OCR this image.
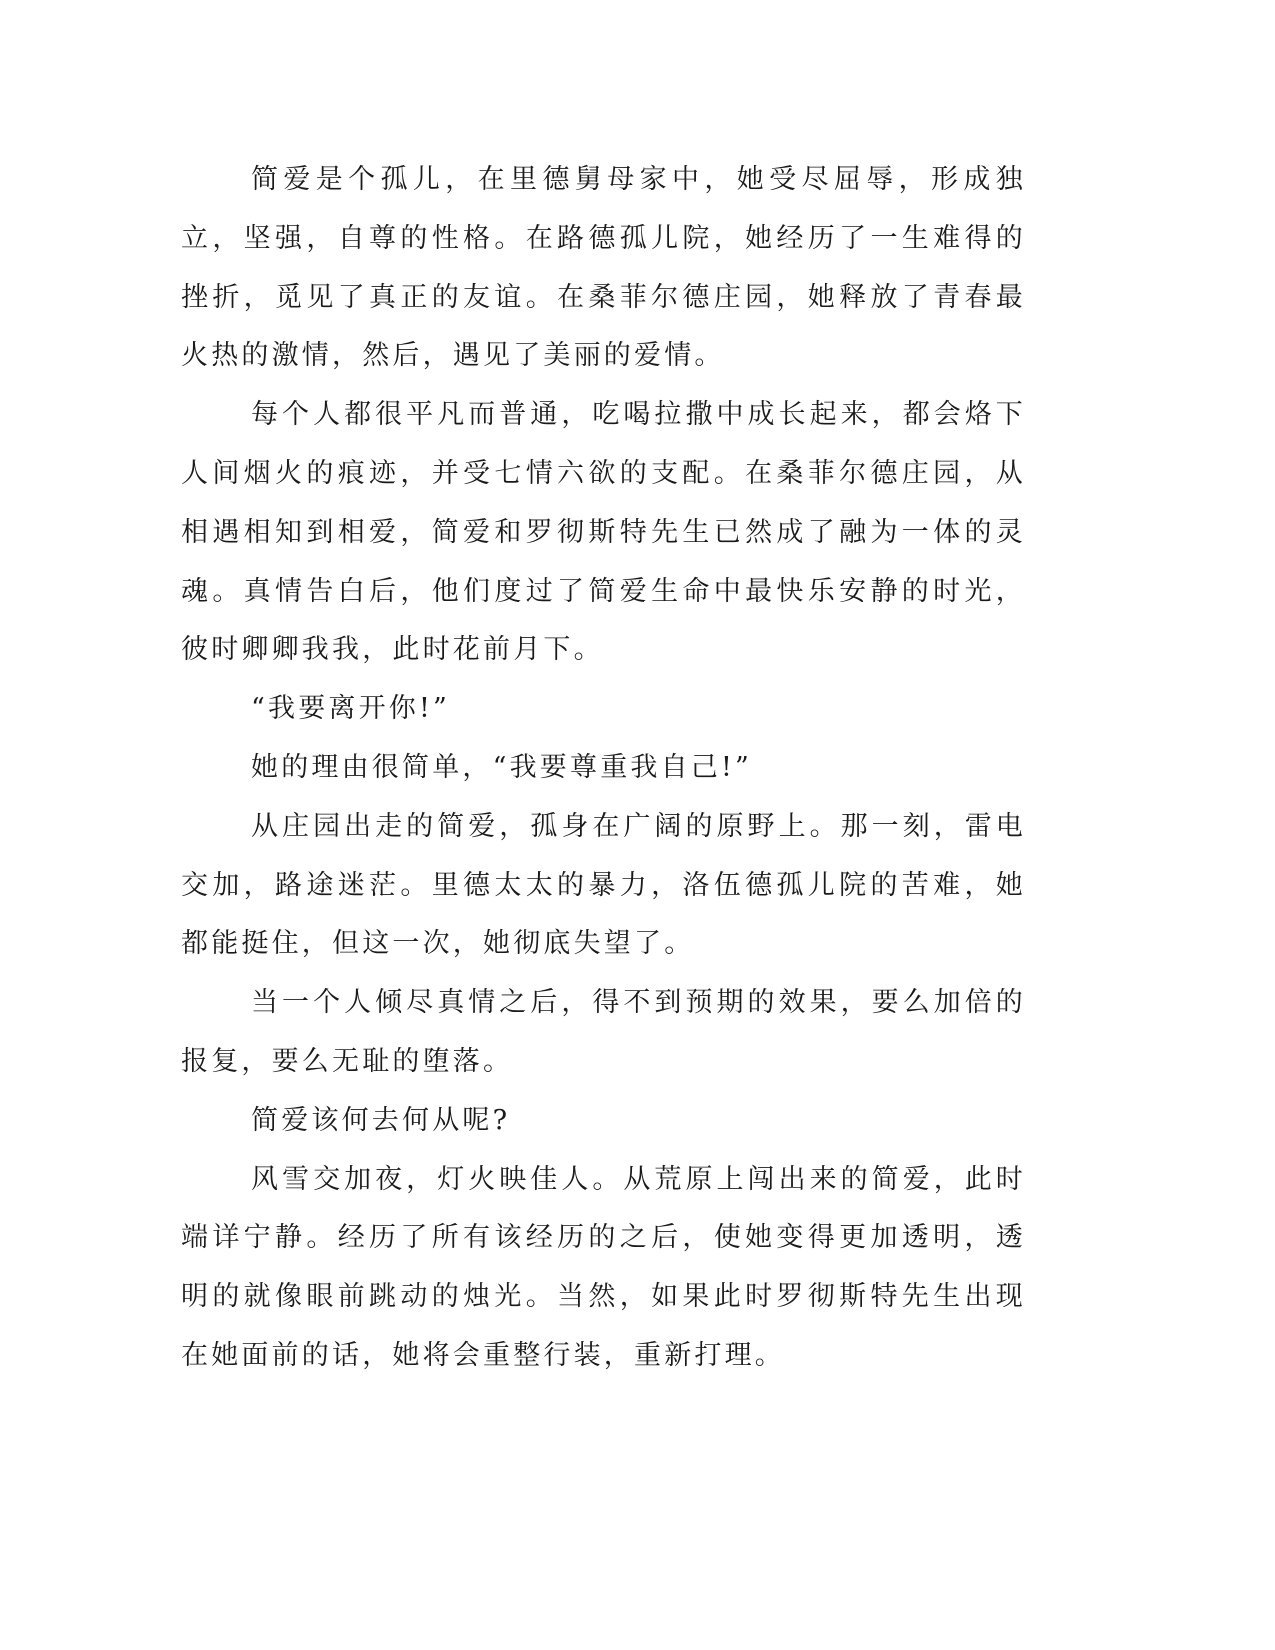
简爱是个孤儿，在里德舅母家中，她受尽屈辱，形成独立，坚强，自尊的性格。在路德孤儿院，她经历了一生难得的挫折，觅见了真正的友谊。在桑菲尔德庄园，她释放了青春最火热的激情，然后，遇见了美丽的爱情。

每个人都很平凡而普通，吃喝拉撒中成长起来，都会烙下人间烟火的痕迹，并受七情六欲的支配。在桑菲尔德庄园，从相遇相知到相爱，简爱和罗彻斯特先生已然成了融为一体的灵魂。真情告白后，他们度过了简爱生命中最快乐安静的时光，彼时卿卿我我，此时花前月下。

“我要离开你!”

她的理由很简单，“我要尊重我自己!”

从庄园出走的简爱，孤身在广阔的原野上。那一刻，雷电交加，路途迷茫。里德太太的暴力，洛伍德孤儿院的苦难，她都能挺住，但这一次，她彻底失望了。

当一个人倾尽真情之后，得不到预期的效果，要么加倍的报复，要么无耻的堕落。

简爱该何去何从呢?

风雪交加夜，灯火映佳人。从荒原上闯出来的简爱，此时端详宁静。经历了所有该经历的之后，使她变得更加透明，透明的就像眼前跳动的烛光。当然，如果此时罗彻斯特先生出现在她面前的话，她将会重整行装，重新打理。
